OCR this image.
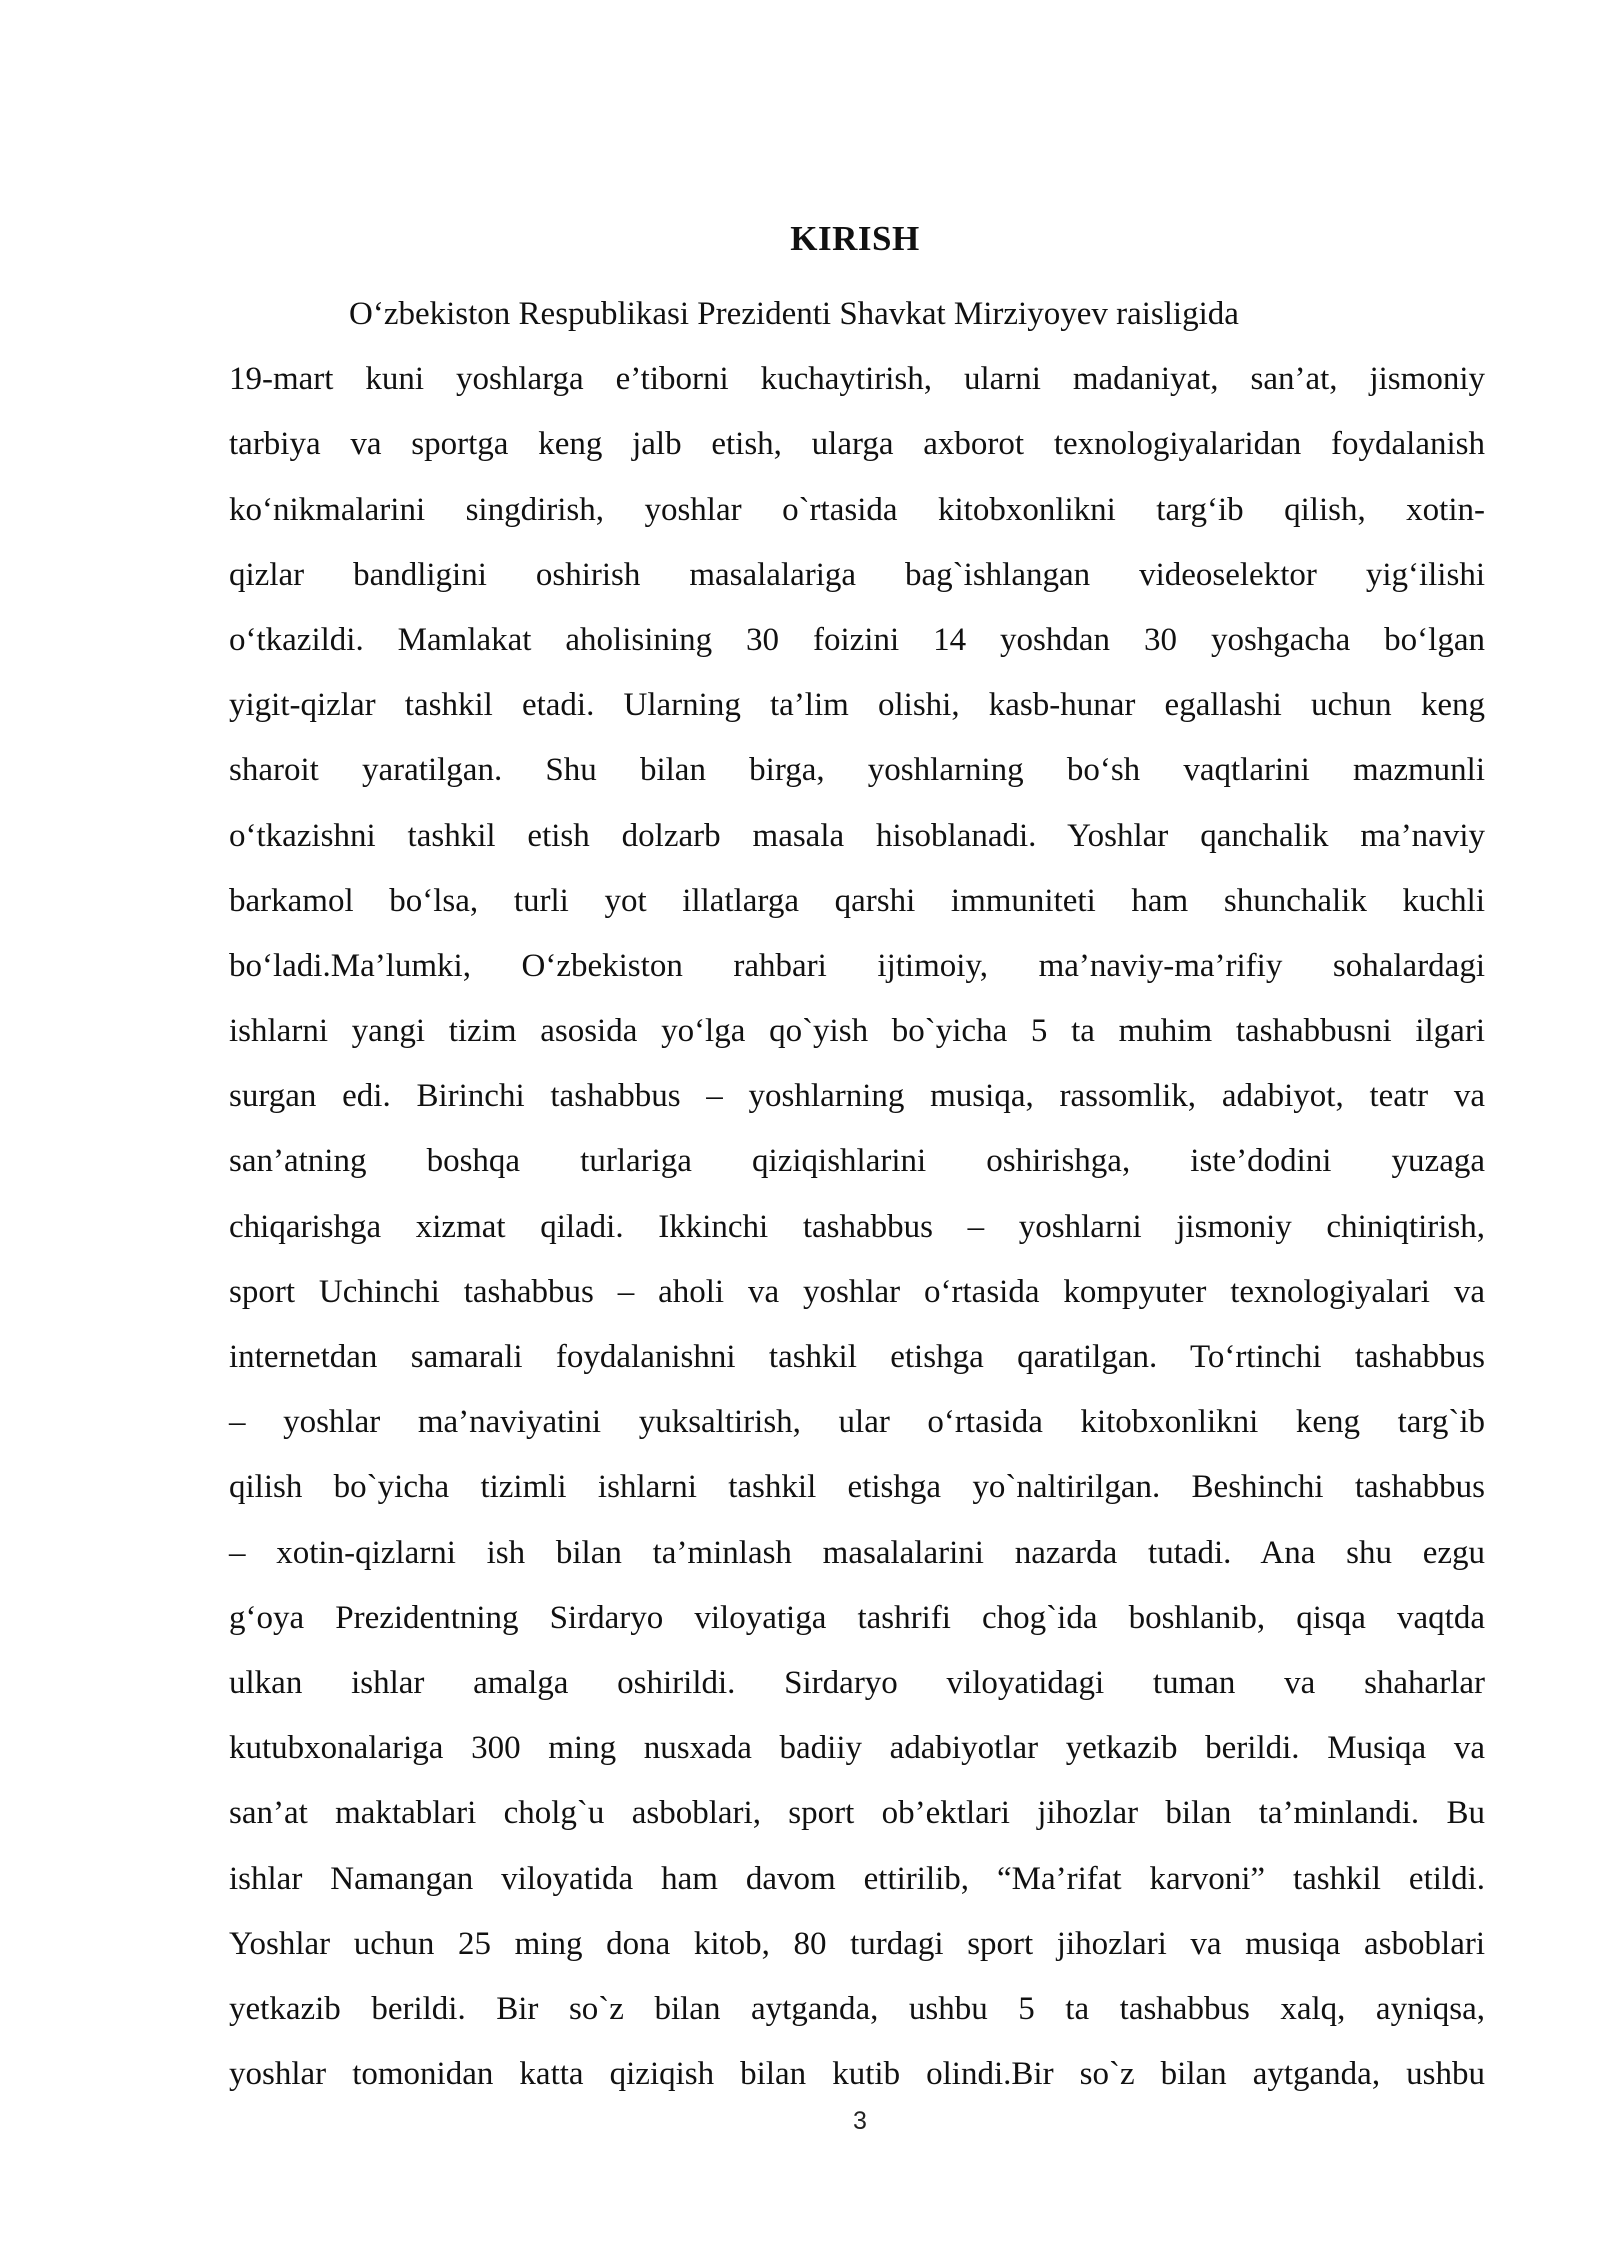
KIRISH
O‘zbekiston Respublikasi Prezidenti Shavkat Mirziyoyev raisligida
19-mart kuni yoshlarga e’tiborni kuchaytirish, ularni madaniyat, san’at, jismoniy
tarbiya va sportga keng jalb etish, ularga axborot texnologiyalaridan foydalanish
ko‘nikmalarini singdirish, yoshlar o`rtasida kitobxonlikni targ‘ib qilish, xotin-
qizlar bandligini oshirish masalalariga bag`ishlangan videoselektor yig‘ilishi
o‘tkazildi. Mamlakat aholisining 30 foizini 14 yoshdan 30 yoshgacha bo‘lgan
yigit-qizlar tashkil etadi. Ularning ta’lim olishi, kasb-hunar egallashi uchun keng
sharoit yaratilgan. Shu bilan birga, yoshlarning bo‘sh vaqtlarini mazmunli
o‘tkazishni tashkil etish dolzarb masala hisoblanadi. Yoshlar qanchalik ma’naviy
barkamol bo‘lsa, turli yot illatlarga qarshi immuniteti ham shunchalik kuchli
bo‘ladi.Ma’lumki, O‘zbekiston rahbari ijtimoiy, ma’naviy-ma’rifiy sohalardagi
ishlarni yangi tizim asosida yo‘lga qo`yish bo`yicha 5 ta muhim tashabbusni ilgari
surgan edi. Birinchi tashabbus – yoshlarning musiqa, rassomlik, adabiyot, teatr va
san’atning boshqa turlariga qiziqishlarini oshirishga, iste’dodini yuzaga
chiqarishga xizmat qiladi. Ikkinchi tashabbus – yoshlarni jismoniy chiniqtirish,
sport Uchinchi tashabbus – aholi va yoshlar o‘rtasida kompyuter texnologiyalari va
internetdan samarali foydalanishni tashkil etishga qaratilgan. To‘rtinchi tashabbus
– yoshlar ma’naviyatini yuksaltirish, ular o‘rtasida kitobxonlikni keng targ`ib
qilish bo`yicha tizimli ishlarni tashkil etishga yo`naltirilgan. Beshinchi tashabbus
– xotin-qizlarni ish bilan ta’minlash masalalarini nazarda tutadi. Ana shu ezgu
g‘oya Prezidentning Sirdaryo viloyatiga tashrifi chog`ida boshlanib, qisqa vaqtda
ulkan ishlar amalga oshirildi. Sirdaryo viloyatidagi tuman va shaharlar
kutubxonalariga 300 ming nusxada badiiy adabiyotlar yetkazib berildi. Musiqa va
san’at maktablari cholg`u asboblari, sport ob’ektlari jihozlar bilan ta’minlandi. Bu
ishlar Namangan viloyatida ham davom ettirilib, “Ma’rifat karvoni” tashkil etildi.
Yoshlar uchun 25 ming dona kitob, 80 turdagi sport jihozlari va musiqa asboblari
yetkazib berildi. Bir so`z bilan aytganda, ushbu 5 ta tashabbus xalq, ayniqsa,
yoshlar tomonidan katta qiziqish bilan kutib olindi.Bir so`z bilan aytganda, ushbu
3
